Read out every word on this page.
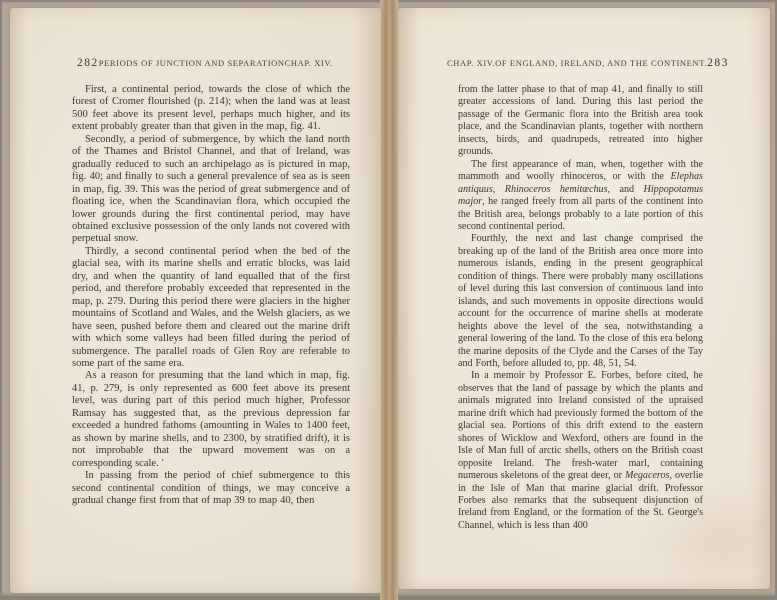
282 PERIODS OF JUNCTION AND SEPARATION CHAP. XIV.

First, a continental period, towards the close of which the forest of Cromer flourished (p. 214); when the land was at least 500 feet above its present level, perhaps much higher, and its extent probably greater than that given in the map, fig. 41.

Secondly, a period of submergence, by which the land north of the Thames and Bristol Channel, and that of Ireland, was gradually reduced to such an archipelago as is pictured in map, fig. 40; and finally to such a general prevalence of sea as is seen in map, fig. 39. This was the period of great submergence and of floating ice, when the Scandinavian flora, which occupied the lower grounds during the first continental period, may have obtained exclusive possession of the only lands not covered with perpetual snow.

Thirdly, a second continental period when the bed of the glacial sea, with its marine shells and erratic blocks, was laid dry, and when the quantity of land equalled that of the first period, and therefore probably exceeded that represented in the map, p. 279. During this period there were glaciers in the higher mountains of Scotland and Wales, and the Welsh glaciers, as we have seen, pushed before them and cleared out the marine drift with which some valleys had been filled during the period of submergence. The parallel roads of Glen Roy are referable to some part of the same era.

As a reason for presuming that the land which in map, fig. 41, p. 279, is only represented as 600 feet above its present level, was during part of this period much higher, Professor Ramsay has suggested that, as the previous depression far exceeded a hundred fathoms (amounting in Wales to 1400 feet, as shown by marine shells, and to 2300, by stratified drift), it is not improbable that the upward movement was on a corresponding scale. ′

In passing from the period of chief submergence to this second continental condition of things, we may conceive a gradual change first from that of map 39 to map 40, then

CHAP. XIV. OF ENGLAND, IRELAND, AND THE CONTINENT. 283

from the latter phase to that of map 41, and finally to still greater accessions of land. During this last period the passage of the Germanic flora into the British area took place, and the Scandinavian plants, together with northern insects, birds, and quadrupeds, retreated into higher grounds.

The first appearance of man, when, together with the mammoth and woolly rhinoceros, or with the Elephas antiquus, Rhinoceros hemitœchus, and Hippopotamus major, he ranged freely from all parts of the continent into the British area, belongs probably to a late portion of this second continental period.

Fourthly, the next and last change comprised the breaking up of the land of the British area once more into numerous islands, ending in the present geographical condition of things. There were probably many oscillations of level during this last conversion of continuous land into islands, and such movements in opposite directions would account for the occurrence of marine shells at moderate heights above the level of the sea, notwithstanding a general lowering of the land. To the close of this era belong the marine deposits of the Clyde and the Carses of the Tay and Forth, before alluded to, pp. 48, 51, 54.

In a memoir by Professor E. Forbes, before cited, he observes that the land of passage by which the plants and animals migrated into Ireland consisted of the upraised marine drift which had previously formed the bottom of the glacial sea. Portions of this drift extend to the eastern shores of Wicklow and Wexford, others are found in the Isle of Man full of arctic shells, others on the British coast opposite Ireland. The fresh-water marl, containing numerous skeletons of the great deer, or Megaceros, overlie in the Isle of Man that marine glacial drift. Professor Forbes also remarks that the subsequent disjunction of Ireland from England, or the formation of the St. George's Channel, which is less than 400
